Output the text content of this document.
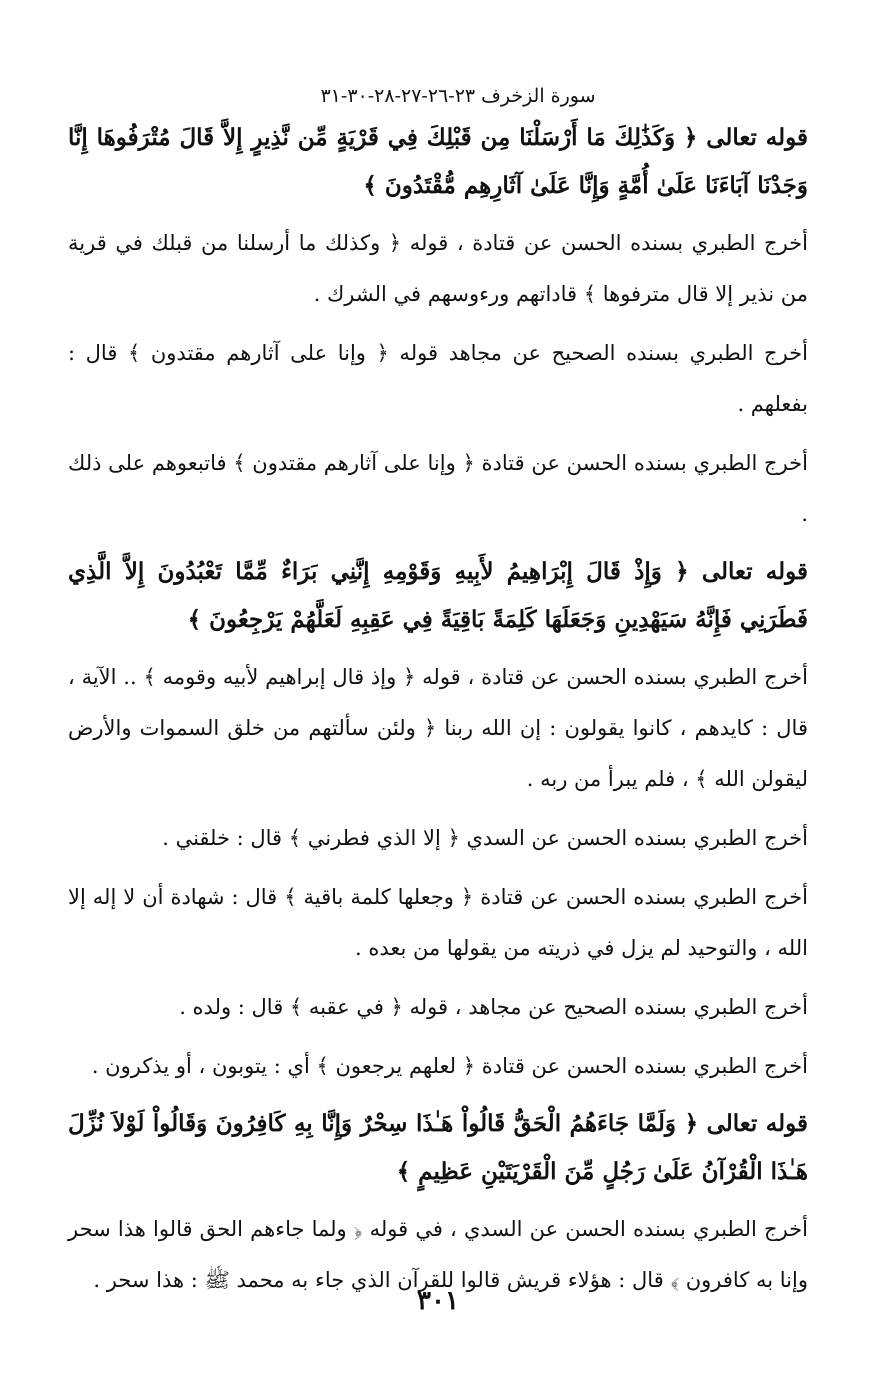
سورة الزخرف ٢٣-٢٦-٢٧-٢٨-٣٠-٣١

قوله تعالى ﴿ وَكَذَٰلِكَ مَا أَرْسَلْنَا مِن قَبْلِكَ فِي قَرْيَةٍ مِّن نَّذِيرٍ إِلاَّ قَالَ مُتْرَفُوهَا إِنَّا وَجَدْنَا آبَاءَنَا عَلَىٰ أُمَّةٍ وَإِنَّا عَلَىٰ آثَارِهِم مُّقْتَدُونَ ﴾

أخرج الطبري بسنده الحسن عن قتادة ، قوله ﴿ وكذلك ما أرسلنا من قبلك في قرية من نذير إلا قال مترفوها ﴾ قاداتهم ورءوسهم في الشرك .

أخرج الطبري بسنده الصحيح عن مجاهد قوله ﴿ وإنا على آثارهم مقتدون ﴾ قال : بفعلهم .

أخرج الطبري بسنده الحسن عن قتادة ﴿ وإنا على آثارهم مقتدون ﴾ فاتبعوهم على ذلك .

قوله تعالى ﴿ وَإِذْ قَالَ إِبْرَاهِيمُ لأَبِيهِ وَقَوْمِهِ إِنَّنِي بَرَاءٌ مِّمَّا تَعْبُدُونَ إِلاَّ الَّذِي فَطَرَنِي فَإِنَّهُ سَيَهْدِينِ وَجَعَلَهَا كَلِمَةً بَاقِيَةً فِي عَقِبِهِ لَعَلَّهُمْ يَرْجِعُونَ ﴾

أخرج الطبري بسنده الحسن عن قتادة ، قوله ﴿ وإذ قال إبراهيم لأبيه وقومه ﴾ .. الآية ، قال : كايدهم ، كانوا يقولون : إن الله ربنا ﴿ ولئن سألتهم من خلق السموات والأرض ليقولن الله ﴾ ، فلم يبرأ من ربه .

أخرج الطبري بسنده الحسن عن السدي ﴿ إلا الذي فطرني ﴾ قال : خلقني .

أخرج الطبري بسنده الحسن عن قتادة ﴿ وجعلها كلمة باقية ﴾ قال : شهادة أن لا إله إلا الله ، والتوحيد لم يزل في ذريته من يقولها من بعده .

أخرج الطبري بسنده الصحيح عن مجاهد ، قوله ﴿ في عقبه ﴾ قال : ولده .

أخرج الطبري بسنده الحسن عن قتادة ﴿ لعلهم يرجعون ﴾ أي : يتوبون ، أو يذكرون .

قوله تعالى ﴿ وَلَمَّا جَاءَهُمُ الْحَقُّ قَالُواْ هَـٰذَا سِحْرٌ وَإِنَّا بِهِ كَافِرُونَ وَقَالُواْ لَوْلاَ نُزِّلَ هَـٰذَا الْقُرْآنُ عَلَىٰ رَجُلٍ مِّنَ الْقَرْيَتَيْنِ عَظِيمٍ ﴾

أخرج الطبري بسنده الحسن عن السدي ، في قوله ﴿ ولما جاءهم الحق قالوا هذا سحر وإنا به كافرون ﴾ قال : هؤلاء قريش قالوا للقرآن الذي جاء به محمد ﷺ : هذا سحر .

٣٠١
